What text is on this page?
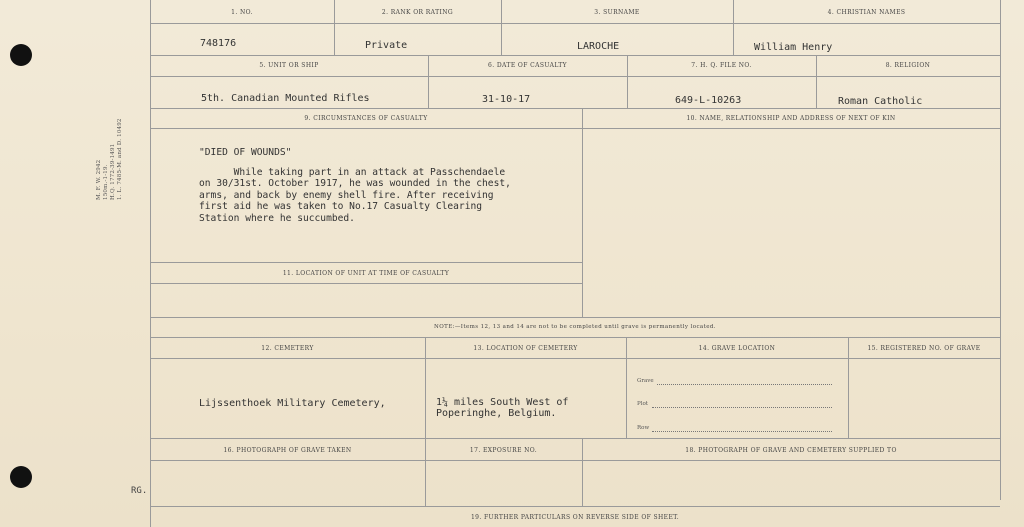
M. F. W. 2942 150m.-1-19. H.Q. 1772-39-1491 1. L. 7485-M. and D. 10492
RG.
1. NO.	2. RANK OR RATING	3. SURNAME	4. CHRISTIAN NAMES
748176	Private	LAROCHE	William Henry
5. UNIT OR SHIP	6. DATE OF CASUALTY	7. H. Q. FILE NO.	8. RELIGION
5th. Canadian Mounted Rifles	31-10-17	649-L-10263	Roman Catholic
9. CIRCUMSTANCES OF CASUALTY	10. NAME, RELATIONSHIP AND ADDRESS OF NEXT OF KIN

"DIED OF WOUNDS"

While taking part in an attack at Passchendaele

on 30/31st. October 1917, he was wounded in the chest,

arms, and back by enemy shell fire. After receiving

first aid he was taken to No.17 Casualty Clearing

Station where he succumbed.

11. LOCATION OF UNIT AT TIME OF CASUALTY
NOTE:—Items 12, 13 and 14 are not to be completed until grave is permanently located.
12. CEMETERY	13. LOCATION OF CEMETERY	14. GRAVE LOCATION	15. REGISTERED NO. OF GRAVE
Lijssenthoek Military Cemetery,	1¼ miles South West of
Poperinghe, Belgium.
Grave
Plot
Row
16. PHOTOGRAPH OF GRAVE TAKEN	17. EXPOSURE NO.	18. PHOTOGRAPH OF GRAVE AND CEMETERY SUPPLIED TO
19. FURTHER PARTICULARS ON REVERSE SIDE OF SHEET.
